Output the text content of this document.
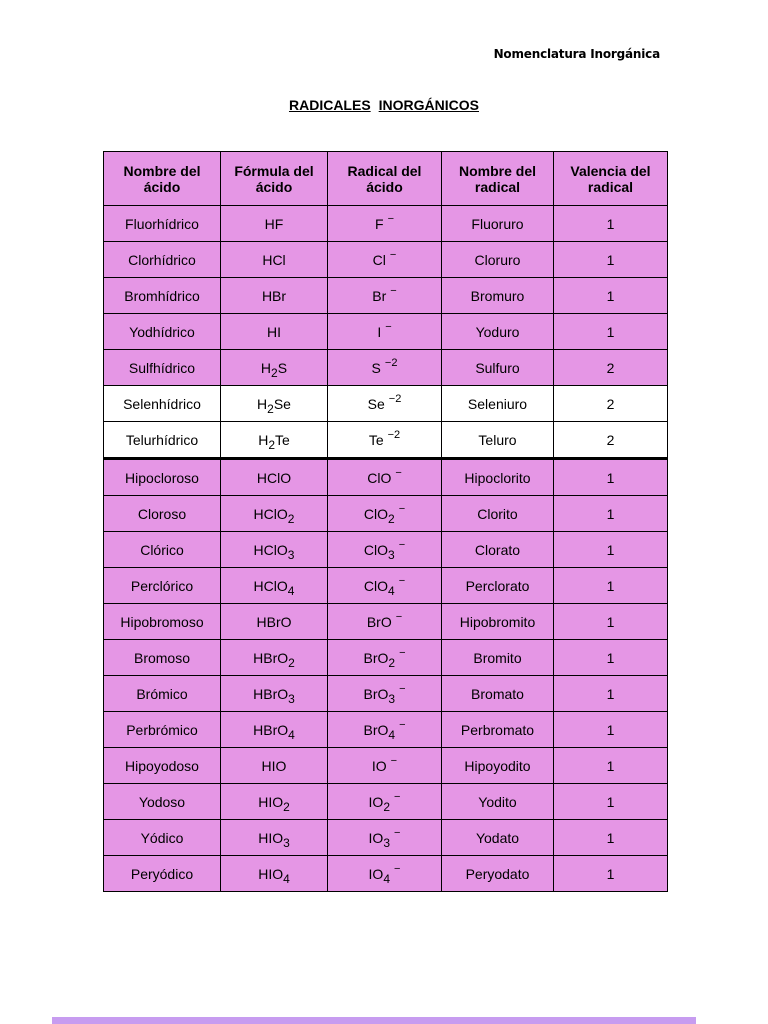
Nomenclatura Inorgánica
RADICALES INORGÁNICOS
Nombre del ácido	Fórmula del ácido	Radical del ácido	Nombre del radical	Valencia del radical
Fluorhídrico	HF	F −	Fluoruro	1
Clorhídrico	HCl	Cl −	Cloruro	1
Bromhídrico	HBr	Br −	Bromuro	1
Yodhídrico	HI	I −	Yoduro	1
Sulfhídrico	$H_2S$	S $^{-2}$	Sulfuro	2
Selenhídrico	$H_2Se$	Se $^{-2}$	Seleniuro	2
Telurhídrico	$H_2Te$	Te $^{-2}$	Teluro	2
Hipocloroso	HClO	ClO −	Hipoclorito	1
Cloroso	HClO$_2$	ClO$_2$−	Clorito	1
Clórico	HClO$_3$	ClO$_3$−	Clorato	1
Perclórico	HClO$_4$	ClO$_4$−	Perclorato	1
Hipobromoso	HBrO	BrO −	Hipobromito	1
Bromoso	HBrO$_2$	BrO$_2$−	Bromito	1
Brómico	HBrO$_3$	BrO$_3$−	Bromato	1
Perbrómico	HBrO$_4$	BrO$_4$−	Perbromato	1
Hipoyodoso	HIO	IO −	Hipoyodito	1
Yodoso	$HIO_2$	$IO_2^-$	Yodito	1
Yódico	$HIO_3$	$IO_3^-$	Yodato	1
Peryódico	$HIO_4$	$IO_4^-$	Peryodato	1
